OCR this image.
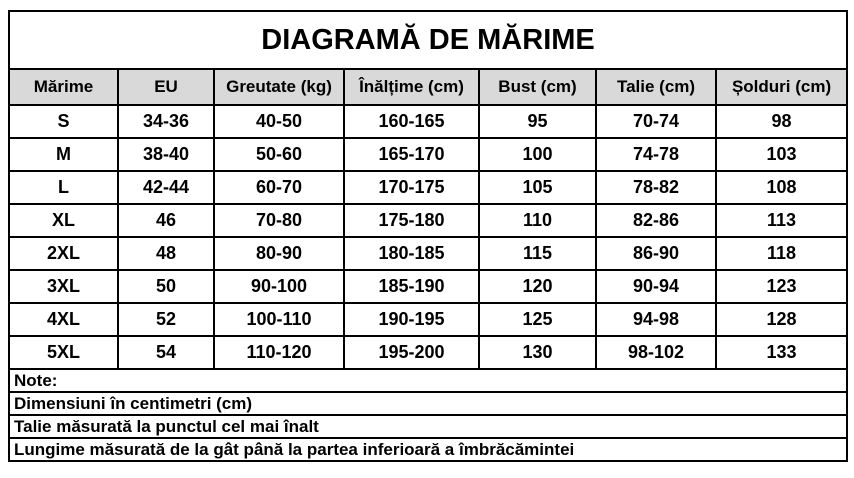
DIAGRAMĂ DE MĂRIME						
Mărime	EU	Greutate (kg)	Înălțime (cm)	Bust (cm)	Talie (cm)	Șolduri (cm)
S	34-36	40-50	160-165	95	70-74	98
M	38-40	50-60	165-170	100	74-78	103
L	42-44	60-70	170-175	105	78-82	108
XL	46	70-80	175-180	110	82-86	113
2XL	48	80-90	180-185	115	86-90	118
3XL	50	90-100	185-190	120	90-94	123
4XL	52	100-110	190-195	125	94-98	128
5XL	54	110-120	195-200	130	98-102	133
Note:						
Dimensiuni în centimetri (cm)						
Talie măsurată la punctul cel mai înalt						
Lungime măsurată de la gât până la partea inferioară a îmbrăcămintei						
